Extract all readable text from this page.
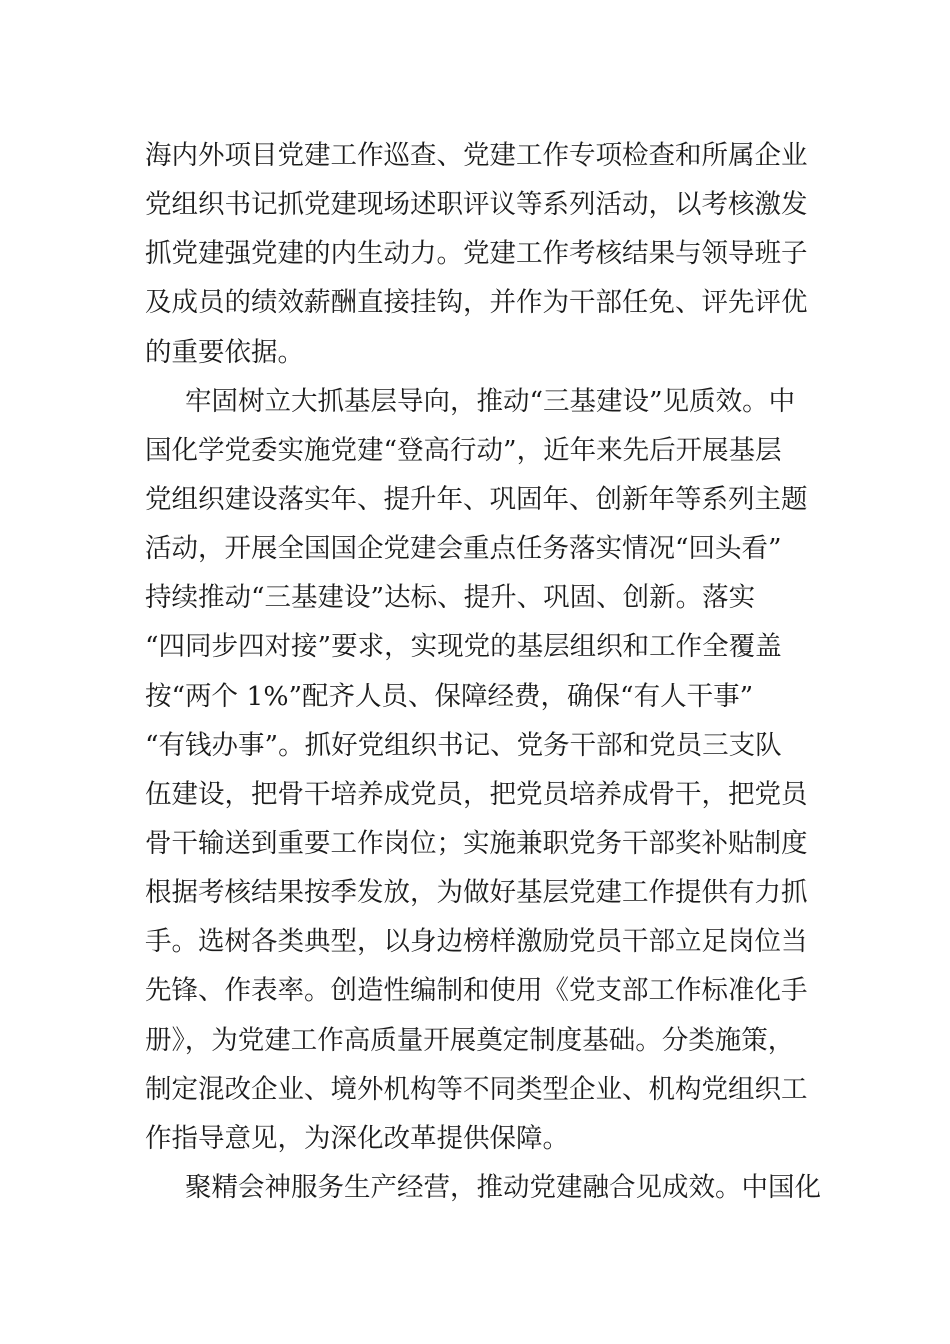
海内外项目党建工作巡查、党建工作专项检查和所属企业
党组织书记抓党建现场述职评议等系列活动，以考核激发
抓党建强党建的内生动力。党建工作考核结果与领导班子
及成员的绩效薪酬直接挂钩，并作为干部任免、评先评优
的重要依据。
牢固树立大抓基层导向，推动“三基建设”见质效。中
国化学党委实施党建“登高行动”，近年来先后开展基层
党组织建设落实年、提升年、巩固年、创新年等系列主题
活动，开展全国国企党建会重点任务落实情况“回头看”
持续推动“三基建设”达标、提升、巩固、创新。落实
“四同步四对接”要求，实现党的基层组织和工作全覆盖
按“两个 1%”配齐人员、保障经费，确保“有人干事”
“有钱办事”。抓好党组织书记、党务干部和党员三支队
伍建设，把骨干培养成党员，把党员培养成骨干，把党员
骨干输送到重要工作岗位；实施兼职党务干部奖补贴制度
根据考核结果按季发放，为做好基层党建工作提供有力抓
手。选树各类典型，以身边榜样激励党员干部立足岗位当
先锋、作表率。创造性编制和使用《党支部工作标准化手
册》，为党建工作高质量开展奠定制度基础。分类施策，
制定混改企业、境外机构等不同类型企业、机构党组织工
作指导意见，为深化改革提供保障。
聚精会神服务生产经营，推动党建融合见成效。中国化
